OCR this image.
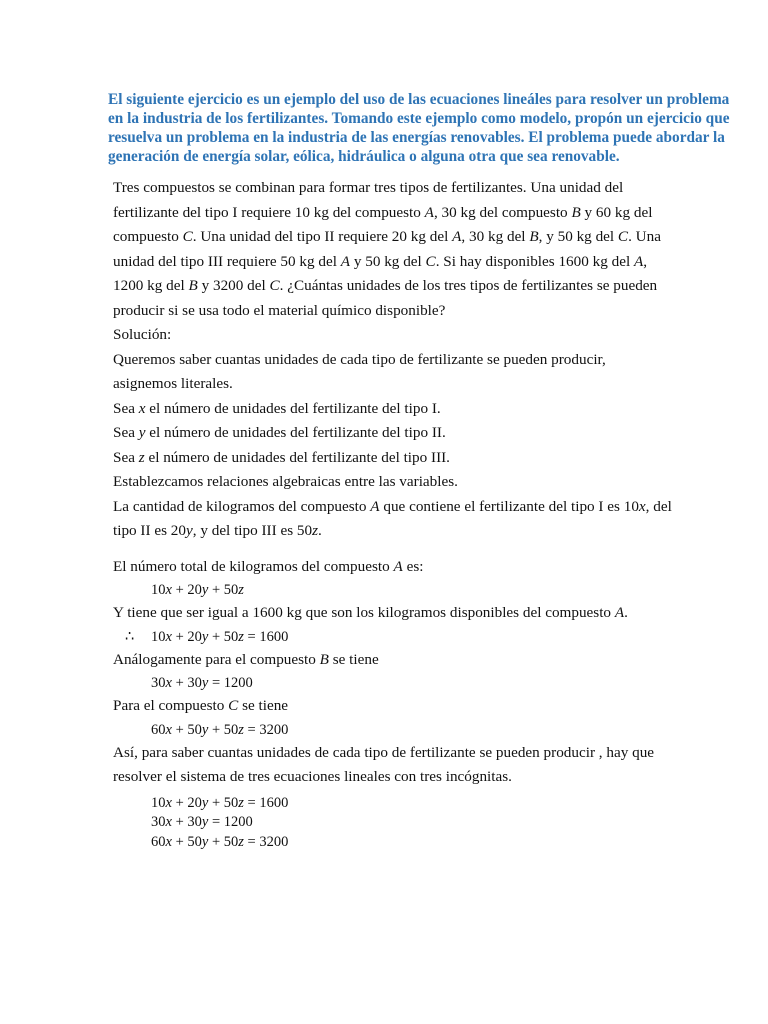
El siguiente ejercicio es un ejemplo del uso de las ecuaciones lineáles para resolver un problema
en la industria de los fertilizantes. Tomando este ejemplo como modelo, propón un ejercicio que
resuelva un problema en la industria de las energías renovables. El problema puede abordar la
generación de energía solar, eólica, hidráulica o alguna otra que sea renovable.
Tres compuestos se combinan para formar tres tipos de fertilizantes. Una unidad del
fertilizante del tipo I requiere 10 kg del compuesto A, 30 kg del compuesto B y 60 kg del
compuesto C. Una unidad del tipo II requiere 20 kg del A, 30 kg del B, y 50 kg del C. Una
unidad del tipo III requiere 50 kg del A y 50 kg del C. Si hay disponibles 1600 kg del A,
1200 kg del B y 3200 del C. ¿Cuántas unidades de los tres tipos de fertilizantes se pueden
producir si se usa todo el material químico disponible?
Solución:
Queremos saber cuantas unidades de cada tipo de fertilizante se pueden producir,
asignemos literales.
Sea x el número de unidades del fertilizante del tipo I.
Sea y el número de unidades del fertilizante del tipo II.
Sea z el número de unidades del fertilizante del tipo III.
Establezcamos relaciones algebraicas entre las variables.
La cantidad de kilogramos del compuesto A que contiene el fertilizante del tipo I es 10x, del
tipo II es 20y, y del tipo III es 50z.
El número total de kilogramos del compuesto A es:
10x + 20y + 50z
Y tiene que ser igual a 1600 kg que son los kilogramos disponibles del compuesto A.
∴ 10x + 20y + 50z = 1600
Análogamente para el compuesto B se tiene
30x + 30y = 1200
Para el compuesto C se tiene
60x + 50y + 50z = 3200
Así, para saber cuantas unidades de cada tipo de fertilizante se pueden producir , hay que
resolver el sistema de tres ecuaciones lineales con tres incógnitas.
10x + 20y + 50z = 1600
30x + 30y = 1200
60x + 50y + 50z = 3200
